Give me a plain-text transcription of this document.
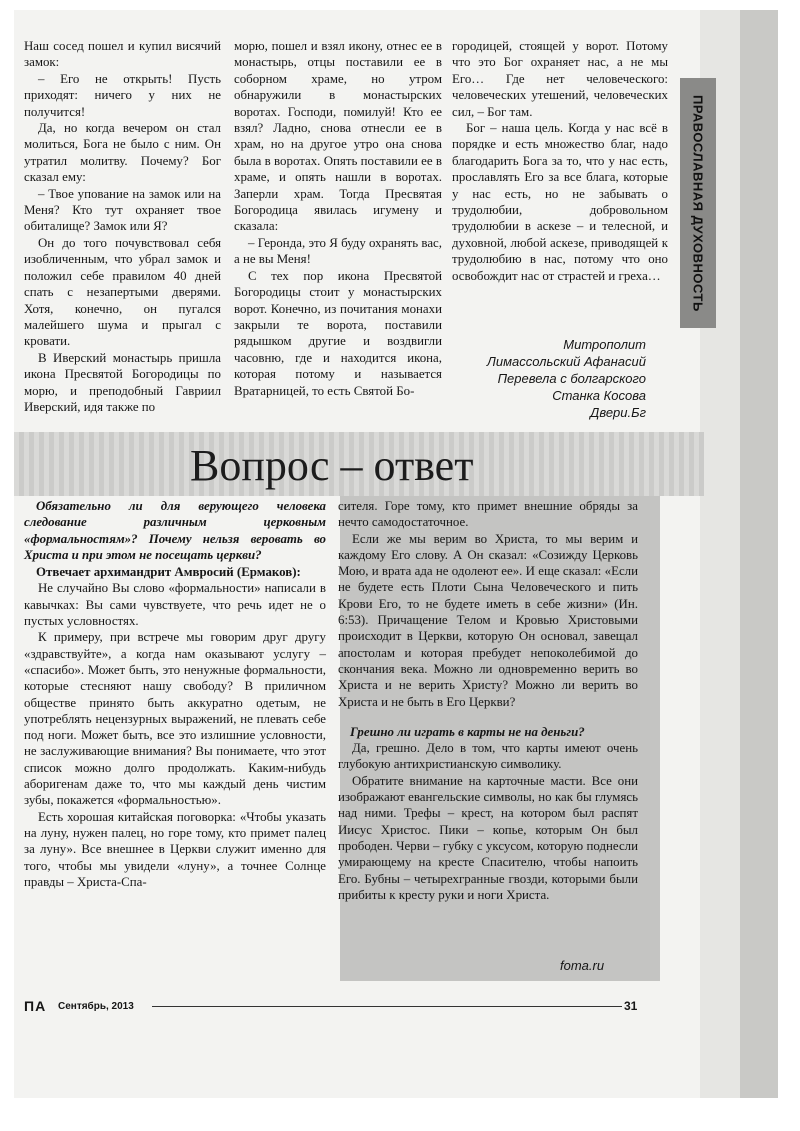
Наш сосед пошел и купил висячий замок:

– Его не открыть! Пусть приходят: ничего у них не получится!

Да, но когда вечером он стал молиться, Бога не было с ним. Он утратил молитву. Почему? Бог сказал ему:

– Твое упование на замок или на Меня? Кто тут охраняет твое обиталище? Замок или Я?

Он до того почувствовал себя изобличенным, что убрал замок и положил себе правилом 40 дней спать с незапертыми дверями. Хотя, конечно, он пугался малейшего шума и прыгал с кровати.

В Иверский монастырь пришла икона Пресвятой Богородицы по морю, и преподобный Гавриил Иверский, идя также по

морю, пошел и взял икону, отнес ее в монастырь, отцы поставили ее в соборном храме, но утром обнаружили в монастырских воротах. Господи, помилуй! Кто ее взял? Ладно, снова отнесли ее в храм, но на другое утро она снова была в воротах. Опять поставили ее в храме, и опять нашли в воротах. Заперли храм. Тогда Пресвятая Богородица явилась игумену и сказала:

– Геронда, это Я буду охранять вас, а не вы Меня!

С тех пор икона Пресвятой Богородицы стоит у монастырских ворот. Конечно, из почитания монахи закрыли те ворота, поставили рядышком другие и воздвигли часовню, где и находится икона, которая потому и называется Вратарницей, то есть Святой Бо-

городицей, стоящей у ворот. Потому что это Бог охраняет нас, а не мы Его… Где нет человеческого: человеческих утешений, человеческих сил, – Бог там.

Бог – наша цель. Когда у нас всё в порядке и есть множество благ, надо благодарить Бога за то, что у нас есть, прославлять Его за все блага, которые у нас есть, но не забывать о трудолюбии, добровольном трудолюбии в аскезе – и телесной, и духовной, любой аскезе, приводящей к трудолюбию в нас, потому что оно освобождит нас от страстей и греха…

Митрополит
Лимассольский Афанасий
Перевела с болгарского
Станка Косова
Двери.Бг
ПРАВОСЛАВНАЯ ДУХОВНОСТЬ
Вопрос – ответ

Обязательно ли для верующего человека следование различным церковным «формальностям»? Почему нельзя веровать во Христа и при этом не посещать церкви?

Отвечает архимандрит Амвросий (Ермаков):

Не случайно Вы слово «формальности» написали в кавычках: Вы сами чувствуете, что речь идет не о пустых условностях.

К примеру, при встрече мы говорим друг другу «здравствуйте», а когда нам оказывают услугу – «спасибо». Может быть, это ненужные формальности, которые стесняют нашу свободу? В приличном обществе принято быть аккуратно одетым, не употреблять нецензурных выражений, не плевать себе под ноги. Может быть, все это излишние условности, не заслуживающие внимания? Вы понимаете, что этот список можно долго продолжать. Каким-нибудь аборигенам даже то, что мы каждый день чистим зубы, покажется «формальностью».

Есть хорошая китайская поговорка: «Чтобы указать на луну, нужен палец, но горе тому, кто примет палец за луну». Все внешнее в Церкви служит именно для того, чтобы мы увидели «луну», а точнее Солнце правды – Христа-Спа-

сителя. Горе тому, кто примет внешние обряды за нечто самодостаточное.

Если же мы верим во Христа, то мы верим и каждому Его слову. А Он сказал: «Созижду Церковь Мою, и врата ада не одолеют ее». И еще сказал: «Если не будете есть Плоти Сына Человеческого и пить Крови Его, то не будете иметь в себе жизни» (Ин. 6:53). Причащение Телом и Кровью Христовыми происходит в Церкви, которую Он основал, завещал апостолам и которая пребудет непоколебимой до скончания века. Можно ли одновременно верить во Христа и не верить Христу? Можно ли верить во Христа и не быть в Его Церкви?

Грешно ли играть в карты не на деньги?

Да, грешно. Дело в том, что карты имеют очень глубокую антихристианскую символику.

Обратите внимание на карточные масти. Все они изображают евангельские символы, но как бы глумясь над ними. Трефы – крест, на котором был распят Иисус Христос. Пики – копье, которым Он был прободен. Черви – губку с уксусом, которую поднесли умирающему на кресте Спасителю, чтобы напоить Его. Бубны – четырехгранные гвозди, которыми были прибиты к кресту руки и ноги Христа.

foma.ru
ПА Сентябрь, 2013	31
